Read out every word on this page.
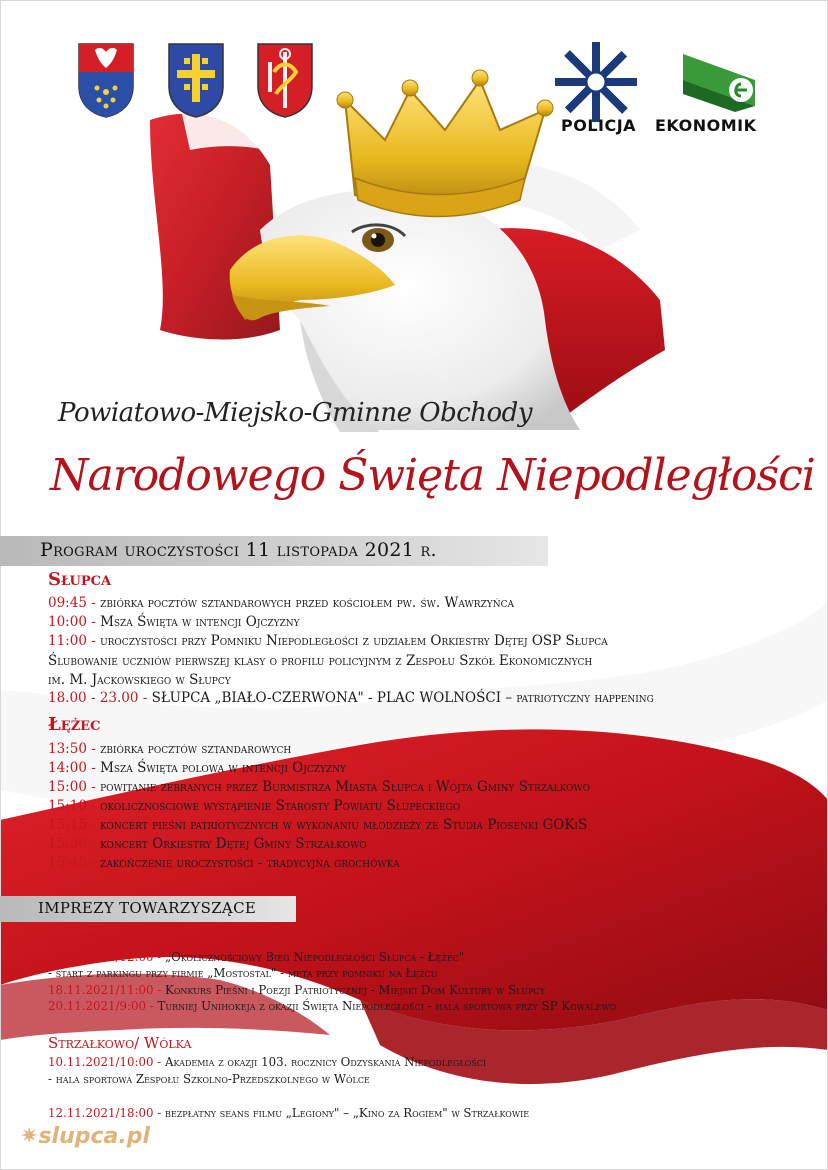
POLICJA EKONOMIK
Powiatowo-Miejsko-Gminne Obchody
Narodowego Święta Niepodległości
Program uroczystości 11 listopada 2021 r.
Słupca
09:45 - zbiórka pocztów sztandarowych przed kościołem pw. św. Wawrzyńca
10:00 - Msza Święta w intencji Ojczyzny
11:00 - uroczystości przy Pomniku Niepodległości z udziałem Orkiestry Dętej OSP Słupca
Ślubowanie uczniów pierwszej klasy o profilu policyjnym z Zespołu Szkół Ekonomicznych
im. M. Jackowskiego w Słupcy
18.00 - 23.00 - SŁUPCA „BIAŁO-CZERWONA" - PLAC WOLNOŚCI – patriotyczny happening
Łężec
13:50 - zbiórka pocztów sztandarowych
14:00 - Msza Święta polowa w intencji Ojczyzny
15:00 - powitanie zebranych przez Burmistrza Miasta Słupca i Wójta Gminy Strzałkowo
15:10 - okolicznościowe wystąpienie Starosty Powiatu Słupeckiego
15:15 - koncert pieśni patriotycznych w wykonaniu młodzieży ze Studia Piosenki GOKiS
15:30 - koncert Orkiestry Dętej Gminy Strzałkowo
15:45 - zakończenie uroczystości - tradycyjna grochówka
IMPREZY TOWARZYSZĄCE
Słupca
10.11.2021/12:00 - „Okolicznościowy Bieg Niepodległości Słupca - Łężec"
- start z parkingu przy firmie „Mostostal" - meta przy pomniku na Łężcu
18.11.2021/11:00 - Konkurs Pieśni i Poezji Patriotycznej - Miejski Dom Kultury w Słupcy
20.11.2021/9:00 - Turniej Unihokeja z okazji Święta Niepodległości - hala sportowa przy SP Kowalewo
Strzałkowo/ Wólka
10.11.2021/10:00 - Akademia z okazji 103. rocznicy Odzyskania Niepodległości
- hala sportowa Zespołu Szkolno-Przedszkolnego w Wólce
12.11.2021/18:00 - bezpłatny seans filmu „Legiony" – „Kino za Rogiem" w Strzałkowie
✷slupca.pl
